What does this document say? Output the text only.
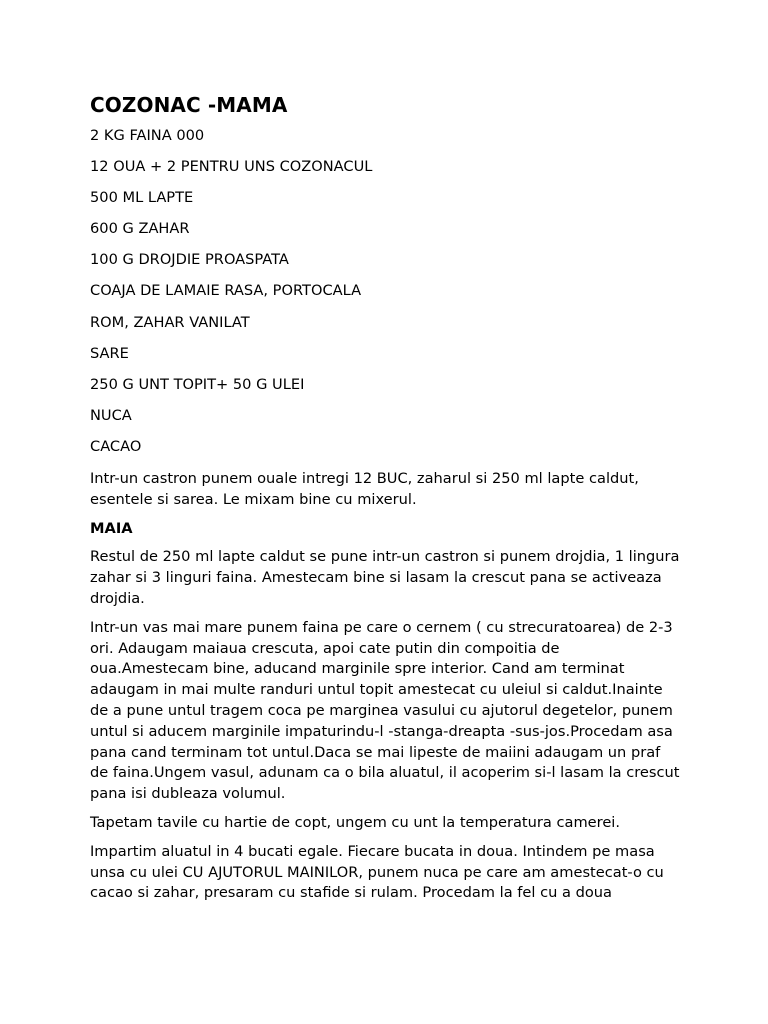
COZONAC -MAMA
2 KG FAINA 000
12 OUA + 2 PENTRU UNS COZONACUL
500 ML LAPTE
600 G ZAHAR
100 G DROJDIE PROASPATA
COAJA DE LAMAIE RASA, PORTOCALA
ROM, ZAHAR VANILAT
SARE
250 G UNT TOPIT+ 50 G ULEI
NUCA
CACAO

Intr-un castron punem ouale intregi 12 BUC, zaharul si 250 ml lapte caldut, esentele si sarea. Le mixam bine cu mixerul.

MAIA

Restul de 250 ml lapte caldut se pune intr-un castron si punem drojdia, 1 lingura zahar si 3 linguri faina. Amestecam bine si lasam la crescut pana se activeaza drojdia.

Intr-un vas mai mare punem faina pe care o cernem ( cu strecuratoarea) de 2-3 ori. Adaugam maiaua crescuta, apoi cate putin din compoitia de oua.Amestecam bine, aducand marginile spre interior. Cand am terminat adaugam in mai multe randuri untul topit amestecat cu uleiul si caldut.Inainte de a pune untul tragem coca pe marginea vasului cu ajutorul degetelor, punem untul si aducem marginile impaturindu-l -stanga-dreapta -sus-jos.Procedam asa pana cand terminam tot untul.Daca se mai lipeste de maiini adaugam un praf de faina.Ungem vasul, adunam ca o bila aluatul, il acoperim si-l lasam la crescut pana isi dubleaza volumul.

Tapetam tavile cu hartie de copt, ungem cu unt la temperatura camerei.

Impartim aluatul in 4 bucati egale. Fiecare bucata in doua. Intindem pe masa unsa cu ulei CU AJUTORUL MAINILOR, punem nuca pe care am amestecat-o cu cacao si zahar, presaram cu stafide si rulam. Procedam la fel cu a doua
